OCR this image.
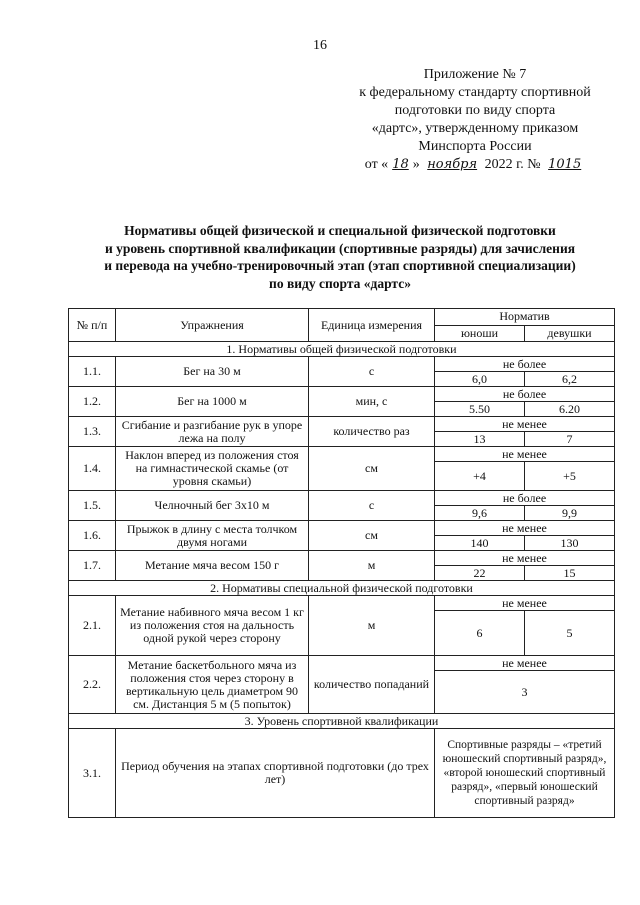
16
Приложение № 7
к федеральному стандарту спортивной
подготовки по виду спорта
«дартс», утвержденному приказом
Минспорта России
от « 18 » ноября 2022 г. № 1015
Нормативы общей физической и специальной физической подготовки
и уровень спортивной квалификации (спортивные разряды) для зачисления
и перевода на учебно-тренировочный этап (этап спортивной специализации)
по виду спорта «дартс»
№ п/п	Упражнения	Единица измерения	Норматив	
			юноши	девушки
1. Нормативы общей физической подготовки				
1.1.	Бег на 30 м	с	не более	
			6,0	6,2
1.2.	Бег на 1000 м	мин, с	не более	
			5.50	6.20
1.3.	Сгибание и разгибание рук в упоре лежа на полу	количество раз	не менее	
			13	7
1.4.	Наклон вперед из положения стоя на гимнастической скамье (от уровня скамьи)	см	не менее	
			+4	+5
1.5.	Челночный бег 3х10 м	с	не более	
			9,6	9,9
1.6.	Прыжок в длину с места толчком двумя ногами	см	не менее	
			140	130
1.7.	Метание мяча весом 150 г	м	не менее	
			22	15
2. Нормативы специальной физической подготовки				
2.1.	Метание набивного мяча весом 1 кг из положения стоя на дальность одной рукой через сторону	м	не менее	
			6	5
2.2.	Метание баскетбольного мяча из положения стоя через сторону в вертикальную цель диаметром 90 см. Дистанция 5 м (5 попыток)	количество попаданий	не менее	
			3	
3. Уровень спортивной квалификации				
3.1.	Период обучения на этапах спортивной подготовки (до трех лет)		Спортивные разряды – «третий юношеский спортивный разряд», «второй юношеский спортивный разряд», «первый юношеский спортивный разряд»	
